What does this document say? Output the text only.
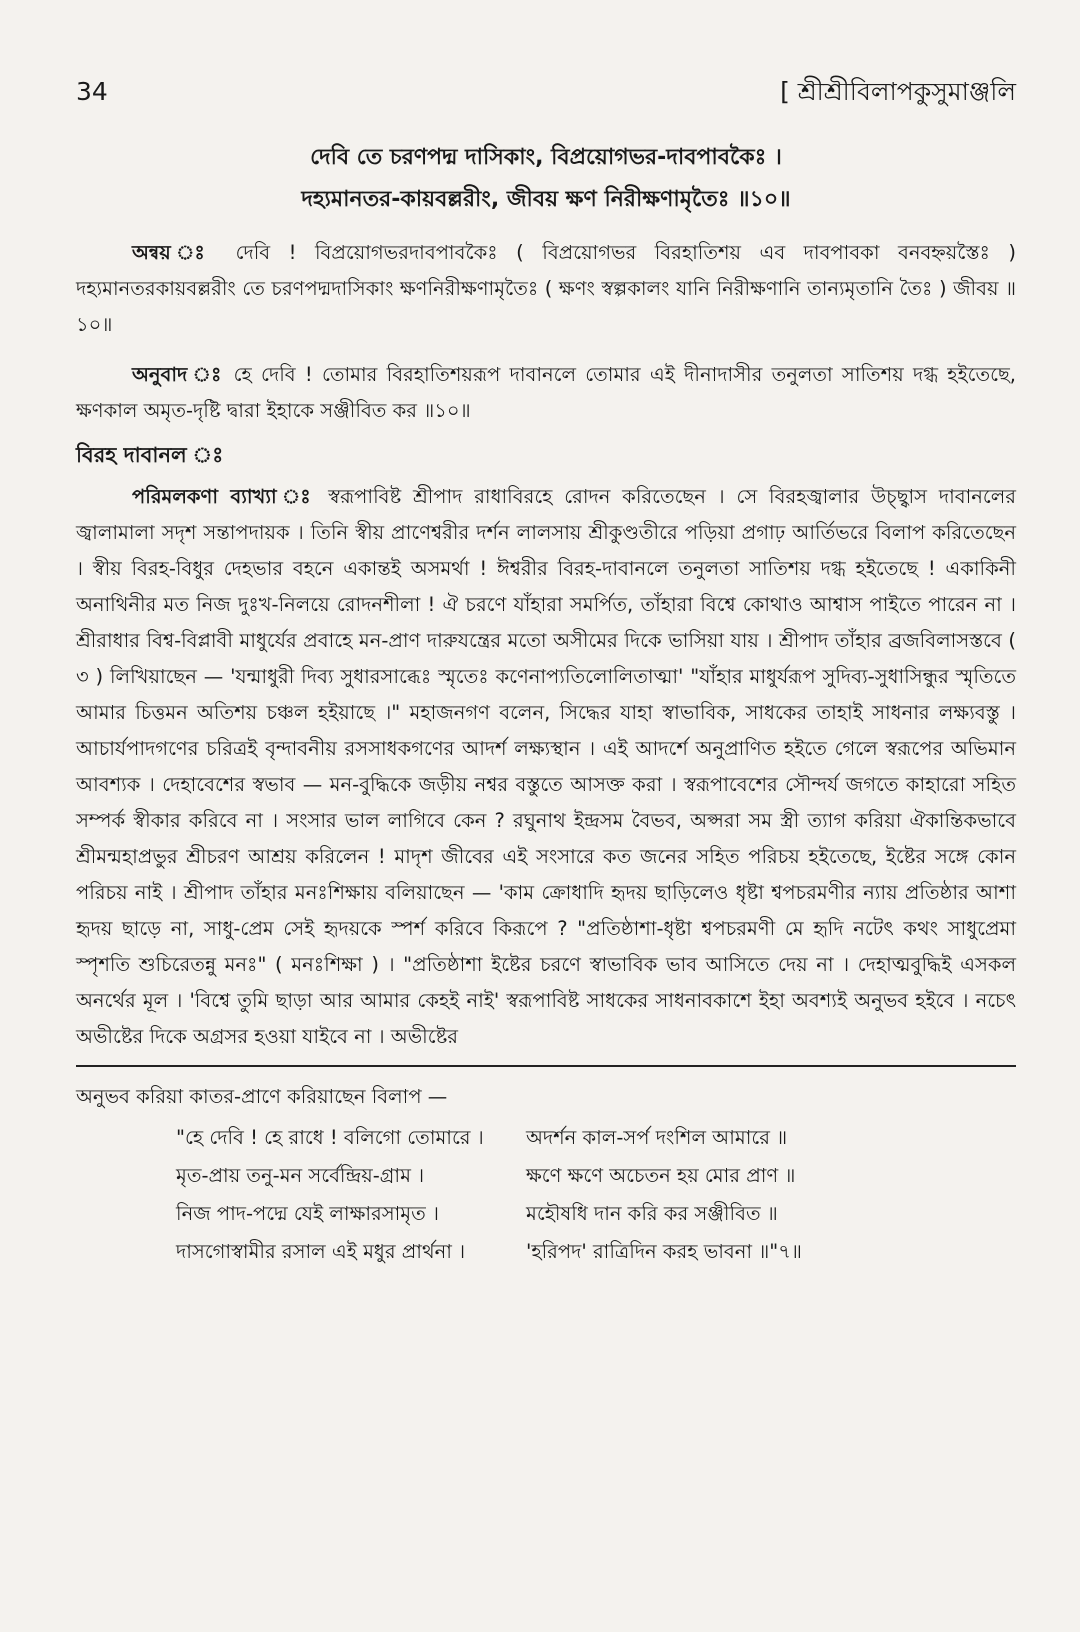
34	[ শ্রীশ্রীবিলাপকুসুমাঞ্জলি

দেবি তে চরণপদ্ম দাসিকাং, বিপ্রয়োগভর-দাবপাবকৈঃ ।

দহ্যমানতর-কায়বল্লরীং, জীবয় ক্ষণ নিরীক্ষণামৃতৈঃ ॥১০॥

অন্বয় ঃ দেবি ! বিপ্রয়োগভরদাবপাবকৈঃ ( বিপ্রয়োগভর বিরহাতিশয় এব দাবপাবকা বনবহ্নয়স্তৈঃ ) দহ্যমানতরকায়বল্লরীং তে চরণপদ্মদাসিকাং ক্ষণনিরীক্ষণামৃতৈঃ ( ক্ষণং স্বল্পকালং যানি নিরীক্ষণানি তান্যমৃতানি তৈঃ ) জীবয় ॥১০॥

অনুবাদ ঃ হে দেবি ! তোমার বিরহাতিশয়রূপ দাবানলে তোমার এই দীনাদাসীর তনুলতা সাতিশয় দগ্ধ হইতেছে, ক্ষণকাল অমৃত-দৃষ্টি দ্বারা ইহাকে সঞ্জীবিত কর ॥১০॥

বিরহ দাবানল ঃ

পরিমলকণা ব্যাখ্যা ঃ স্বরূপাবিষ্ট শ্রীপাদ রাধাবিরহে রোদন করিতেছেন । সে বিরহজ্বালার উচ্ছ্বাস দাবানলের জ্বালামালা সদৃশ সন্তাপদায়ক । তিনি স্বীয় প্রাণেশ্বরীর দর্শন লালসায় শ্রীকুণ্ডতীরে পড়িয়া প্রগাঢ় আর্তিভরে বিলাপ করিতেছেন । স্বীয় বিরহ-বিধুর দেহভার বহনে একান্তই অসমর্থা ! ঈশ্বরীর বিরহ-দাবানলে তনুলতা সাতিশয় দগ্ধ হইতেছে ! একাকিনী অনাথিনীর মত নিজ দুঃখ-নিলয়ে রোদনশীলা ! ঐ চরণে যাঁহারা সমর্পিত, তাঁহারা বিশ্বে কোথাও আশ্বাস পাইতে পারেন না । শ্রীরাধার বিশ্ব-বিপ্লাবী মাধুর্যের প্রবাহে মন-প্রাণ দারুযন্ত্রের মতো অসীমের দিকে ভাসিয়া যায় । শ্রীপাদ তাঁহার ব্রজবিলাসস্তবে ( ৩ ) লিখিয়াছেন — 'যন্মাধুরী দিব্য সুধারসাব্ধেঃ স্মৃতেঃ কণেনাপ্যতিলোলিতাত্মা' "যাঁহার মাধুর্যরূপ সুদিব্য-সুধাসিন্ধুর স্মৃতিতে আমার চিত্তমন অতিশয় চঞ্চল হইয়াছে ।" মহাজনগণ বলেন, সিদ্ধের যাহা স্বাভাবিক, সাধকের তাহাই সাধনার লক্ষ্যবস্তু । আচার্যপাদগণের চরিত্রই বৃন্দাবনীয় রসসাধকগণের আদর্শ লক্ষ্যস্থান । এই আদর্শে অনুপ্রাণিত হইতে গেলে স্বরূপের অভিমান আবশ্যক । দেহাবেশের স্বভাব — মন-বুদ্ধিকে জড়ীয় নশ্বর বস্তুতে আসক্ত করা । স্বরূপাবেশের সৌন্দর্য জগতে কাহারো সহিত সম্পর্ক স্বীকার করিবে না । সংসার ভাল লাগিবে কেন ? রঘুনাথ ইন্দ্রসম বৈভব, অপ্সরা সম স্ত্রী ত্যাগ করিয়া ঐকান্তিকভাবে শ্রীমন্মহাপ্রভুর শ্রীচরণ আশ্রয় করিলেন ! মাদৃশ জীবের এই সংসারে কত জনের সহিত পরিচয় হইতেছে, ইষ্টের সঙ্গে কোন পরিচয় নাই । শ্রীপাদ তাঁহার মনঃশিক্ষায় বলিয়াছেন — 'কাম ক্রোধাদি হৃদয় ছাড়িলেও ধৃষ্টা শ্বপচরমণীর ন্যায় প্রতিষ্ঠার আশা হৃদয় ছাড়ে না, সাধু-প্রেম সেই হৃদয়কে স্পর্শ করিবে কিরূপে ? "প্রতিষ্ঠাশা-ধৃষ্টা শ্বপচরমণী মে হৃদি নটেৎ কথং সাধুপ্রেমা স্পৃশতি শুচিরেতন্নু মনঃ" ( মনঃশিক্ষা ) । "প্রতিষ্ঠাশা ইষ্টের চরণে স্বাভাবিক ভাব আসিতে দেয় না । দেহাত্মবুদ্ধিই এসকল অনর্থের মূল । 'বিশ্বে তুমি ছাড়া আর আমার কেহই নাই' স্বরূপাবিষ্ট সাধকের সাধনাবকাশে ইহা অবশ্যই অনুভব হইবে । নচেৎ অভীষ্টের দিকে অগ্রসর হওয়া যাইবে না । অভীষ্টের

অনুভব করিয়া কাতর-প্রাণে করিয়াছেন বিলাপ —

"হে দেবি ! হে রাধে ! বলিগো তোমারে ।	অদর্শন কাল-সর্প দংশিল আমারে ॥
মৃত-প্রায় তনু-মন সর্বেন্দ্রিয়-গ্রাম ।	ক্ষণে ক্ষণে অচেতন হয় মোর প্রাণ ॥
নিজ পাদ-পদ্মে যেই লাক্ষারসামৃত ।	মহৌষধি দান করি কর সঞ্জীবিত ॥
দাসগোস্বামীর রসাল এই মধুর প্রার্থনা ।	'হরিপদ' রাত্রিদিন করহ ভাবনা ॥"৭॥
